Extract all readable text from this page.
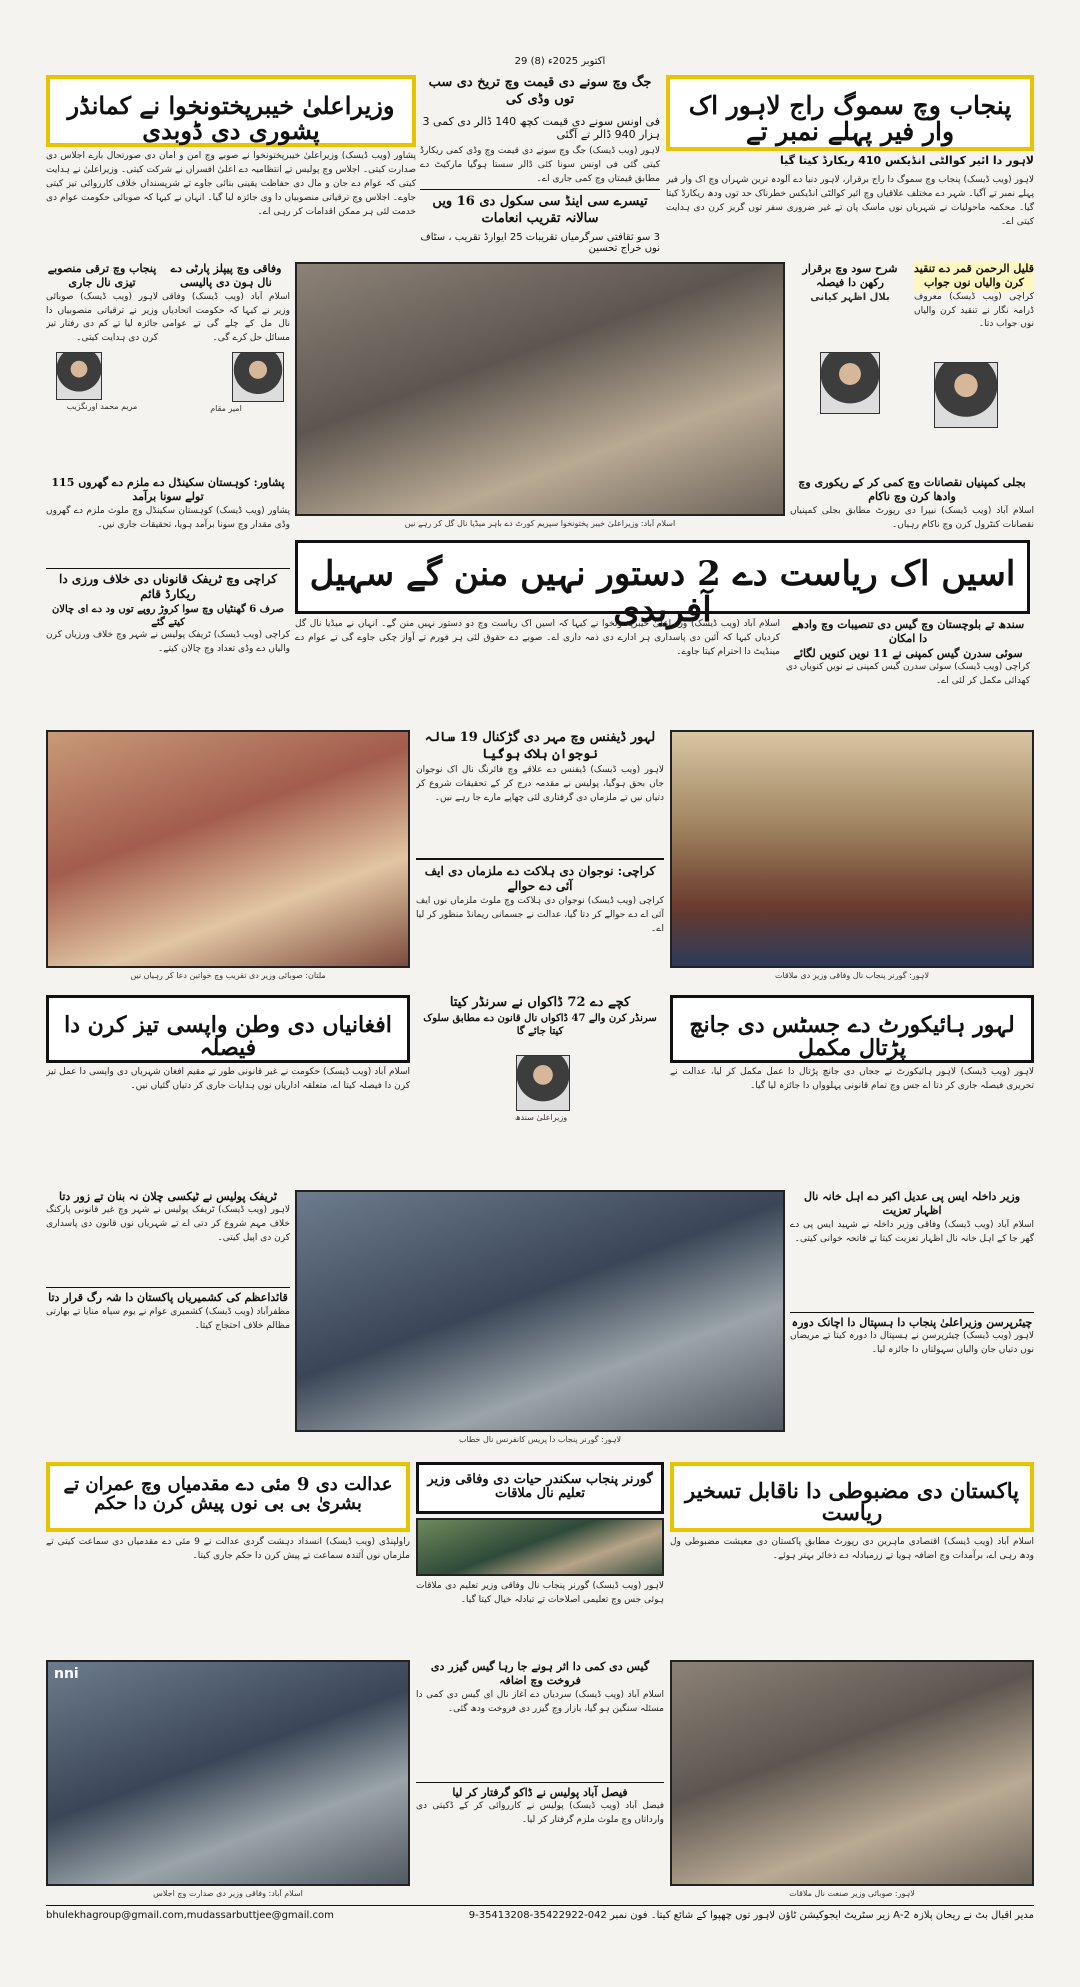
29 اکتوبر 2025ء (8)
وزیراعلیٰ خیبرپختونخوا نے کمانڈر پشوری دی ڈوبدی
پنجاب وچ سموگ راج لاہور اک وار فیر پہلے نمبر تے
جگ وچ سونے دی قیمت وچ تریخ دی سب توں وڈی کی
فی اونس سونے دی قیمت کچھ 140 ڈالر دی کمی 3 ہزار 940 ڈالر تے آگئی
لاہور (ویب ڈیسک) جگ وچ سونے دی قیمت وچ وڈی کمی ریکارڈ کیتی گئی فی اونس سونا کئی ڈالر سستا ہوگیا مارکیٹ دے مطابق قیمتاں وچ کمی جاری اے۔
تیسرے سی اینڈ سی سکول دی 16 ویں سالانہ تقریب انعامات
3 سو ثقافتی سرگرمیاں تقریبات 25 ایوارڈ تقریب ، سٹاف نوں خراج تحسین
پشاور (ویب ڈیسک) وزیراعلیٰ خیبرپختونخوا نے صوبے وچ امن و امان دی صورتحال بارے اجلاس دی صدارت کیتی۔ اجلاس وچ پولیس تے انتظامیہ دے اعلیٰ افسراں نے شرکت کیتی۔ وزیراعلیٰ نے ہدایت کیتی کہ عوام دے جان و مال دی حفاظت یقینی بنائی جاوے تے شرپسنداں خلاف کارروائی تیز کیتی جاوے۔ اجلاس وچ ترقیاتی منصوبیاں دا وی جائزہ لیا گیا۔ انہاں نے کیہا کہ صوبائی حکومت عوام دی خدمت لئی ہر ممکن اقدامات کر رہی اے۔
لاہور دا ائیر کوالٹی انڈیکس 410 ریکارڈ کیتا گیا
لاہور (ویب ڈیسک) پنجاب وچ سموگ دا راج برقرار، لاہور دنیا دے آلودہ ترین شہراں وچ اک وار فیر پہلے نمبر تے آگیا۔ شہر دے مختلف علاقیاں وچ ائیر کوالٹی انڈیکس خطرناک حد توں ودھ ریکارڈ کیتا گیا۔ محکمہ ماحولیات نے شہریاں نوں ماسک پان تے غیر ضروری سفر توں گریز کرن دی ہدایت کیتی اے۔
پنجاب وچ ترقی منصوبے تیزی نال جاری
لاہور (ویب ڈیسک) صوبائی وزیر نے ترقیاتی منصوبیاں دا جائزہ لیا تے کم دی رفتار تیز کرن دی ہدایت کیتی۔
مریم محمد اورنگزیب
وفاقی وچ پیپلز پارٹی دے نال ہون دی پالیسی
اسلام آباد (ویب ڈیسک) وفاقی وزیر نے کیہا کہ حکومت اتحادیاں نال مل کے چلے گی تے عوامی مسائل حل کرے گی۔
امیر مقام
اسلام آباد: وزیراعلیٰ خیبر پختونخوا سپریم کورٹ دے باہر میڈیا نال گل کر رہے نیں
قلیل الرحمن قمر دے تنقید کرن والیاں نوں جواب
کراچی (ویب ڈیسک) معروف ڈرامہ نگار نے تنقید کرن والیاں نوں جواب دتا۔
شرح سود وچ برقرار رکھن دا فیصلہ
بلال اظہر کیانی
پشاور: کوہستان سکینڈل دے ملزم دے گھروں 115 تولے سونا برآمد
پشاور (ویب ڈیسک) کوہستان سکینڈل وچ ملوث ملزم دے گھروں وڈی مقدار وچ سونا برآمد ہویا، تحقیقات جاری نیں۔
کراچی وچ ٹریفک قانوناں دی خلاف ورزی دا ریکارڈ قائم
صرف 6 گھنٹیاں وچ سوا کروڑ روپے توں ود دے ای چالان کیتے گئے
کراچی (ویب ڈیسک) ٹریفک پولیس نے شہر وچ خلاف ورزیاں کرن والیاں دے وڈی تعداد وچ چالان کیتے۔
اسیں اک ریاست دے 2 دستور نہیں منن گے سہیل آفریدی
بجلی کمپنیاں نقصانات وچ کمی کر کے ریکوری وچ وادھا کرن وچ ناکام
اسلام آباد (ویب ڈیسک) نیپرا دی رپورٹ مطابق بجلی کمپنیاں نقصانات کنٹرول کرن وچ ناکام رہیاں۔
سندھ تے بلوچستان وچ گیس دی تنصیبات وچ وادھے دا امکان
سوئی سدرن گیس کمپنی نے 11 نویں کنویں لگائے
کراچی (ویب ڈیسک) سوئی سدرن گیس کمپنی نے نویں کنویاں دی کھدائی مکمل کر لئی اے۔
اسلام آباد (ویب ڈیسک) وزیراعلیٰ خیبرپختونخوا نے کیہا کہ اسیں اک ریاست وچ دو دستور نہیں منن گے۔ انہاں نے میڈیا نال گل کردیاں کیہا کہ آئین دی پاسداری ہر ادارے دی ذمہ داری اے۔ صوبے دے حقوق لئی ہر فورم تے آواز چکی جاوے گی تے عوام دے مینڈیٹ دا احترام کیتا جاوے۔
ملتان: صوبائی وزیر دی تقریب وچ خواتین دعا کر رہیاں نیں	لاہور: گورنر پنجاب نال وفاقی وزیر دی ملاقات
لہور ڈیفنس وچ مہر دی گڑکنال 19 سالہ نوجوان ہلاک ہوگیا
لاہور (ویب ڈیسک) ڈیفنس دے علاقے وچ فائرنگ نال اک نوجوان جاں بحق ہوگیا، پولیس نے مقدمہ درج کر کے تحقیقات شروع کر دتیاں نیں تے ملزماں دی گرفتاری لئی چھاپے مارے جا رہے نیں۔
کراچی: نوجوان دی ہلاکت دے ملزماں دی ایف آئی دے حوالے
کراچی (ویب ڈیسک) نوجوان دی ہلاکت وچ ملوث ملزماں نوں ایف آئی اے دے حوالے کر دتا گیا، عدالت نے جسمانی ریمانڈ منظور کر لیا اے۔
لہور ہائیکورٹ دے جسٹس دی جانچ پڑتال مکمل
افغانیاں دی وطن واپسی تیز کرن دا فیصلہ
کچے دے 72 ڈاکواں نے سرنڈر کیتا
سرنڈر کرن والے 47 ڈاکواں نال قانون دے مطابق سلوک کیتا جائے گا
وزیراعلیٰ سندھ
لاہور (ویب ڈیسک) لاہور ہائیکورٹ نے ججاں دی جانچ پڑتال دا عمل مکمل کر لیا، عدالت نے تحریری فیصلہ جاری کر دتا اے جس وچ تمام قانونی پہلوواں دا جائزہ لیا گیا۔
اسلام آباد (ویب ڈیسک) حکومت نے غیر قانونی طور تے مقیم افغان شہریاں دی واپسی دا عمل تیز کرن دا فیصلہ کیتا اے، متعلقہ اداریاں نوں ہدایات جاری کر دتیاں گئیاں نیں۔
لاہور: گورنر پنجاب دا پریس کانفرنس نال خطاب
ٹریفک پولیس نے ٹیکسی چلان نہ بنان تے زور دتا
لاہور (ویب ڈیسک) ٹریفک پولیس نے شہر وچ غیر قانونی پارکنگ خلاف مہم شروع کر دتی اے تے شہریاں نوں قانون دی پاسداری کرن دی اپیل کیتی۔
قائداعظم کی کشمیریاں پاکستان دا شہ رگ قرار دتا
مظفرآباد (ویب ڈیسک) کشمیری عوام نے یوم سیاہ منایا تے بھارتی مظالم خلاف احتجاج کیتا۔
وزیر داخلہ ایس پی عدیل اکبر دے اہل خانہ نال اظہار تعزیت
اسلام آباد (ویب ڈیسک) وفاقی وزیر داخلہ نے شہید ایس پی دے گھر جا کے اہل خانہ نال اظہار تعزیت کیتا تے فاتحہ خوانی کیتی۔
چیئرپرسن وزیراعلیٰ پنجاب دا ہسپتال دا اچانک دورہ
لاہور (ویب ڈیسک) چیئرپرسن نے ہسپتال دا دورہ کیتا تے مریضاں نوں دتیاں جان والیاں سہولتاں دا جائزہ لیا۔
پاکستان دی مضبوطی دا ناقابل تسخیر ریاست
عدالت دی 9 مئی دے مقدمیاں وچ عمران تے بشریٰ بی بی نوں پیش کرن دا حکم
گورنر پنجاب سکندر حیات دی وفاقی وزیر تعلیم نال ملاقات
اسلام آباد (ویب ڈیسک) اقتصادی ماہرین دی رپورٹ مطابق پاکستان دی معیشت مضبوطی ول ودھ رہی اے، برآمدات وچ اضافہ ہویا تے زرمبادلہ دے ذخائر بہتر ہوئے۔
راولپنڈی (ویب ڈیسک) انسداد دہشت گردی عدالت نے 9 مئی دے مقدمیاں دی سماعت کیتی تے ملزماں نوں آئندہ سماعت تے پیش کرن دا حکم جاری کیتا۔
لاہور (ویب ڈیسک) گورنر پنجاب نال وفاقی وزیر تعلیم دی ملاقات ہوئی جس وچ تعلیمی اصلاحات تے تبادلہ خیال کیتا گیا۔
nni
اسلام آباد: وفاقی وزیر دی صدارت وچ اجلاس	لاہور: صوبائی وزیر صنعت نال ملاقات
گیس دی کمی دا اثر ہونے جا رہا گیس گیزر دی فروخت وچ اضافہ
اسلام آباد (ویب ڈیسک) سردیاں دے آغاز نال ای گیس دی کمی دا مسئلہ سنگین ہو گیا، بازار وچ گیزر دی فروخت ودھ گئی۔
فیصل آباد پولیس نے ڈاکو گرفتار کر لیا
فیصل آباد (ویب ڈیسک) پولیس نے کارروائی کر کے ڈکیتی دی وارداتاں وچ ملوث ملزم گرفتار کر لیا۔
bhulekhagroup@gmail.com,mudassarbuttjee@gmail.com	مدیر اقبال بٹ نے ریحان پلازہ 2-A زیر سٹریٹ ایجوکیشن ٹاؤن لاہور توں چھپوا کے شائع کیتا۔ فون نمبر 042-35422922-35413208-9
